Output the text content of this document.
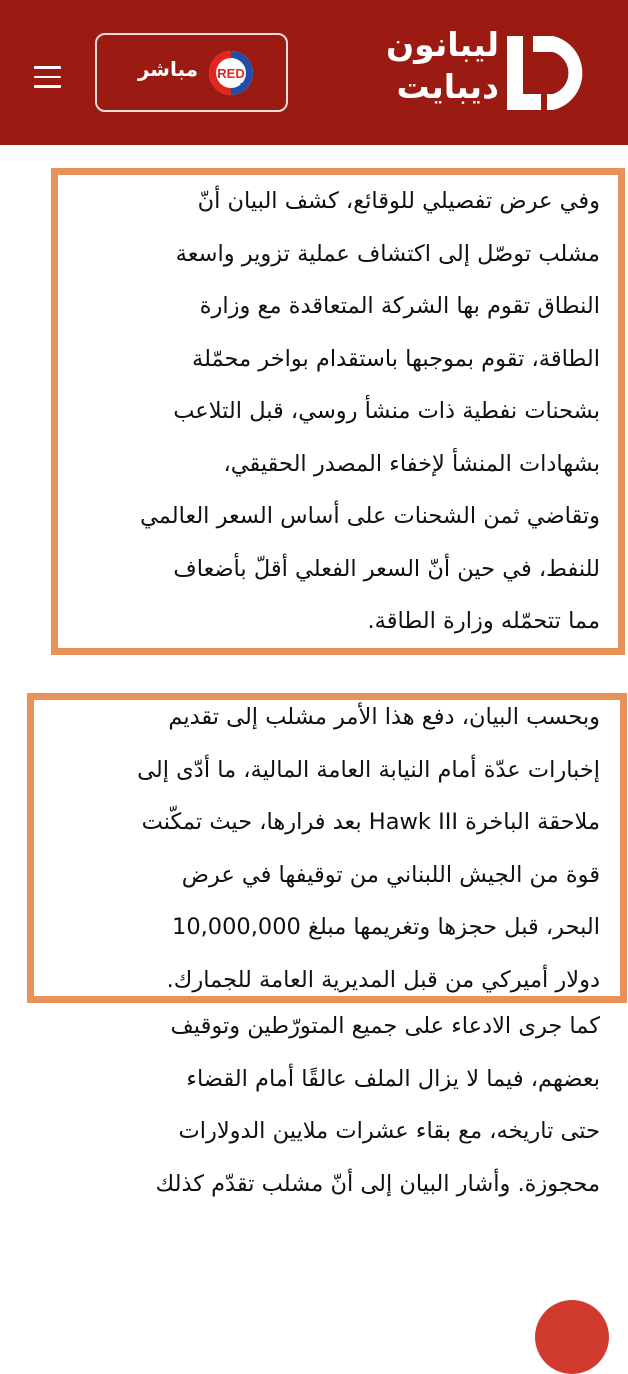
RED
TV
مباشر
ليبانون
ديبايت
وفي عرض تفصيلي للوقائع، كشف البيان أنّ
مشلب توصّل إلى اكتشاف عملية تزوير واسعة
النطاق تقوم بها الشركة المتعاقدة مع وزارة
الطاقة، تقوم بموجبها باستقدام بواخر محمّلة
بشحنات نفطية ذات منشأ روسي، قبل التلاعب
بشهادات المنشأ لإخفاء المصدر الحقيقي،
وتقاضي ثمن الشحنات على أساس السعر العالمي
للنفط، في حين أنّ السعر الفعلي أقلّ بأضعاف
مما تتحمّله وزارة الطاقة.
وبحسب البيان، دفع هذا الأمر مشلب إلى تقديم
إخبارات عدّة أمام النيابة العامة المالية، ما أدّى إلى
ملاحقة الباخرة Hawk III بعد فرارها، حيث تمكّنت
قوة من الجيش اللبناني من توقيفها في عرض
البحر، قبل حجزها وتغريمها مبلغ 10,000,000
دولار أميركي من قبل المديرية العامة للجمارك.
كما جرى الادعاء على جميع المتورّطين وتوقيف
بعضهم، فيما لا يزال الملف عالقًا أمام القضاء
حتى تاريخه، مع بقاء عشرات ملايين الدولارات
محجوزة. وأشار البيان إلى أنّ مشلب تقدّم كذلك
